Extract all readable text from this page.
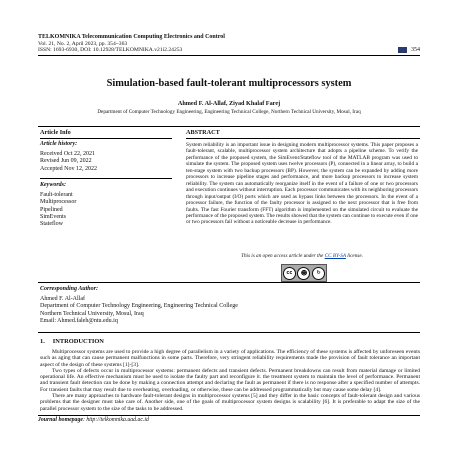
TELKOMNIKA Telecommunication Computing Electronics and Control
Vol. 21, No. 2, April 2023, pp. 354~363
ISSN: 1693-6930, DOI: 10.12928/TELKOMNIKA.v21i2.24253	354
Simulation-based fault-tolerant multiprocessors system
Ahmed F. Al-Allaf, Ziyad Khalaf Farej
Department of Computer Technology Engineering, Engineering Technical College, Northern Technical University, Mosul, Iraq
Article Info	ABSTRACT
Article history:
Received Oct 22, 2021
Revised Jun 09, 2022
Accepted Nov 12, 2022
Keywords:
Fault-tolerant
Multiprocessor
Pipelined
SimEvents
Stateflow
System reliability is an important issue in designing modern multiprocessor systems. This paper proposes a fault-tolerant, scalable, multiprocessor system architecture that adopts a pipeline scheme. To verify the performance of the proposed system, the SimEvent/Stateflow tool of the MATLAB program was used to simulate the system. The proposed system uses twelve processors (P), connected in a linear array, to build a ten-stage system with two backup processors (BP). However, the system can be expanded by adding more processors to increase pipeline stages and performance, and more backup processors to increase system reliability. The system can automatically reorganize itself in the event of a failure of one or two processors and execution continues without interruption. Each processor communicates with its neighboring processors through input/output (I/O) ports which are used as bypass links between the processors. In the event of a processor failure, the function of the faulty processor is assigned to the next processor that is free from faults. The fast Fourier transform (FFT) algorithm is implemented on the simulated circuit to evaluate the performance of the proposed system. The results showed that the system can continue to execute even if one or two processors fail without a noticeable decrease in performance.
This is an open access article under the CC BY-SA license.
cc	☻	↻
Corresponding Author:
Ahmed F. Al-Allaf
Department of Computer Technology Engineering, Engineering Technical College
Northern Technical University, Mosul, Iraq
Email: Ahmed.faleh@ntu.edu.iq
1.     INTRODUCTION

Multiprocessor systems are used to provide a high degree of parallelism in a variety of applications. The efficiency of these systems is affected by unforeseen events such as aging that can cause permanent malfunctions in some parts. Therefore, very stringent reliability requirements made the provision of fault tolerance an important aspect of the design of these systems [1]-[3].

Two types of defects occur in multiprocessor systems: permanent defects and transient defects. Permanent breakdowns can result from material damage or limited operational life. An effective mechanism must be used to isolate the faulty part and reconfigure it. the treatment system to maintain the level of performance. Permanent and transient fault detection can be done by making a connection attempt and declaring the fault as permanent if there is no response after a specified number of attempts. For transient faults that may result due to overheating, overloading, or otherwise, these can be addressed programmatically but may cause some delay [4].

There are many approaches to hardware fault-tolerant designs in multiprocessor systems [5] and they differ in the basic concepts of fault-tolerant design and various problems that the designer must take care of. Another side, one of the goals of multiprocessor system designs is scalability [6]. It is preferable to adapt the size of the parallel processor system to the size of the tasks to be addressed.

Journal homepage: http://telkomnika.uad.ac.id
